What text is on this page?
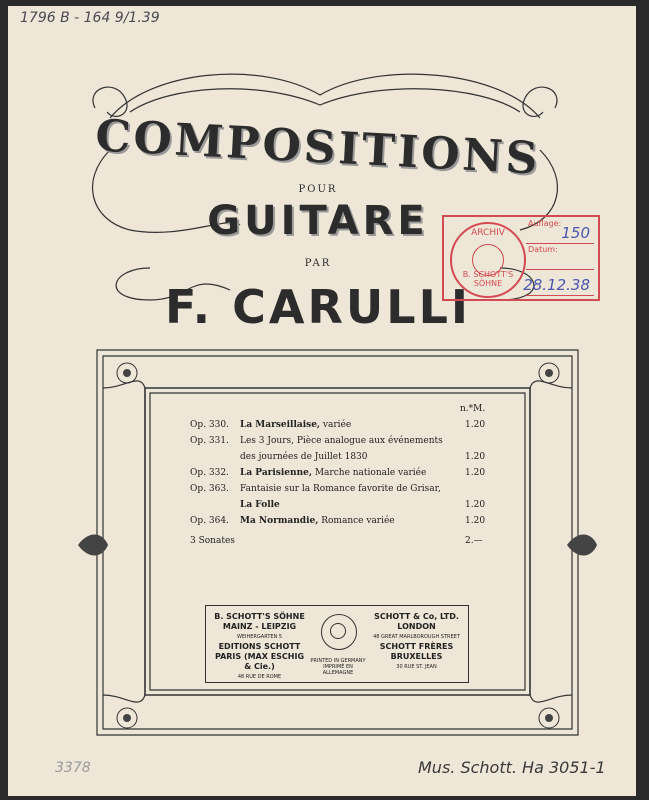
1796 B - 164 9/1.39
COMPOSITIONS
POUR
GUITARE
PAR
F. CARULLI
ARCHIV
B. SCHOTT'S SÖHNE
Auflage:
150
Datum:
28.12.38
n.*M.
Op. 330. La Marseillaise, variée	1.20
Op. 331. Les 3 Jours, Pièce analogue aux événements
des journées de Juillet 1830	1.20
Op. 332. La Parisienne, Marche nationale variée	1.20
Op. 363. Fantaisie sur la Romance favorite de Grisar,
La Folle	1.20
Op. 364. Ma Normandie, Romance variée	1.20
3 Sonates	2.—
B. SCHOTT'S SÖHNE
MAINZ - LEIPZIG
WEIHERGARTEN 5
EDITIONS SCHOTT
PARIS (MAX ESCHIG & Cie.)
48 RUE DE ROME
PRINTED IN GERMANY
IMPRIMÉ EN ALLEMAGNE
SCHOTT & Co, LTD.
LONDON
48 GREAT MARLBOROUGH STREET
SCHOTT FRÈRES
BRUXELLES
30 RUE ST. JEAN
3378	Mus. Schott. Ha 3051-1
